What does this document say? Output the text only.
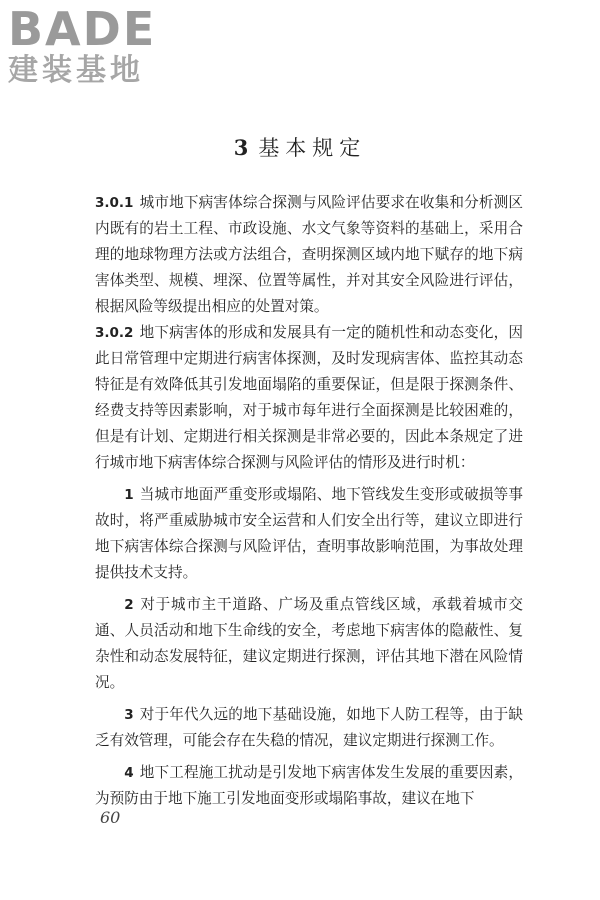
BADE
建装基地
3 基本规定

3.0.1 城市地下病害体综合探测与风险评估要求在收集和分析测区内既有的岩土工程、市政设施、水文气象等资料的基础上，采用合理的地球物理方法或方法组合，查明探测区域内地下赋存的地下病害体类型、规模、埋深、位置等属性，并对其安全风险进行评估，根据风险等级提出相应的处置对策。

3.0.2 地下病害体的形成和发展具有一定的随机性和动态变化，因此日常管理中定期进行病害体探测，及时发现病害体、监控其动态特征是有效降低其引发地面塌陷的重要保证，但是限于探测条件、经费支持等因素影响，对于城市每年进行全面探测是比较困难的，但是有计划、定期进行相关探测是非常必要的，因此本条规定了进行城市地下病害体综合探测与风险评估的情形及进行时机：

1 当城市地面严重变形或塌陷、地下管线发生变形或破损等事故时，将严重威胁城市安全运营和人们安全出行等，建议立即进行地下病害体综合探测与风险评估，查明事故影响范围，为事故处理提供技术支持。

2 对于城市主干道路、广场及重点管线区域，承载着城市交通、人员活动和地下生命线的安全，考虑地下病害体的隐蔽性、复杂性和动态发展特征，建议定期进行探测，评估其地下潜在风险情况。

3 对于年代久远的地下基础设施，如地下人防工程等，由于缺乏有效管理，可能会存在失稳的情况，建议定期进行探测工作。

4 地下工程施工扰动是引发地下病害体发生发展的重要因素，为预防由于地下施工引发地面变形或塌陷事故，建议在地下

60
